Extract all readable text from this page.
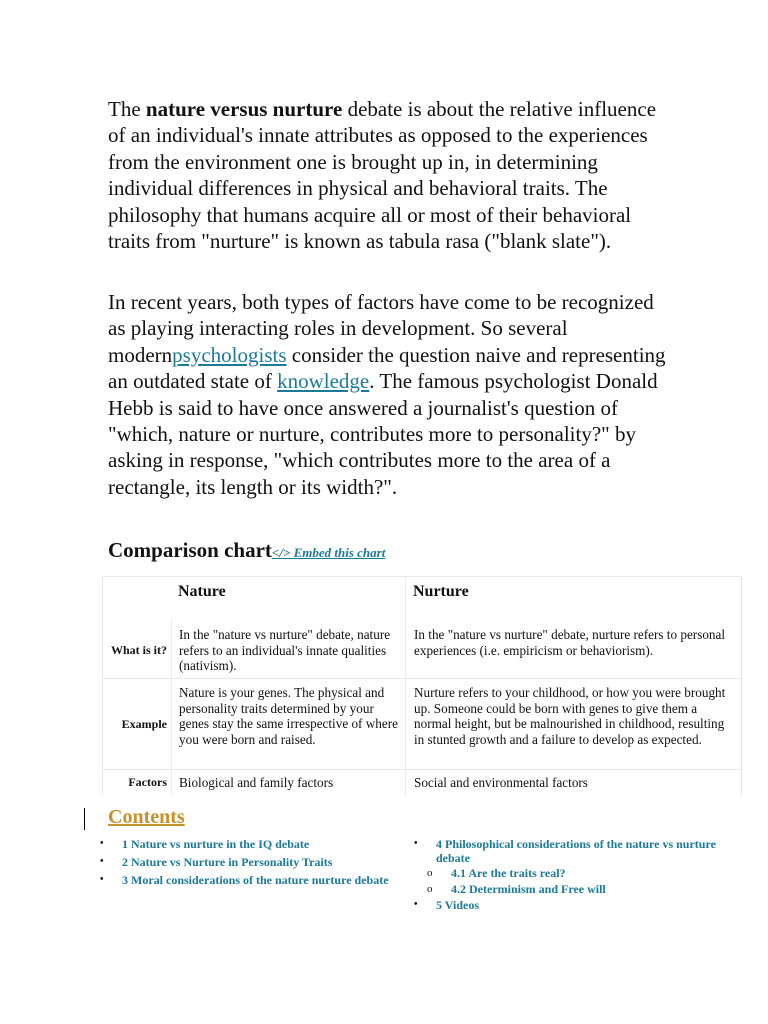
The nature versus nurture debate is about the relative influence of an individual's innate attributes as opposed to the experiences from the environment one is brought up in, in determining individual differences in physical and behavioral traits. The philosophy that humans acquire all or most of their behavioral traits from "nurture" is known as tabula rasa ("blank slate").

In recent years, both types of factors have come to be recognized as playing interacting roles in development. So several modernpsychologists consider the question naive and representing an outdated state of knowledge. The famous psychologist Donald Hebb is said to have once answered a journalist's question of "which, nature or nurture, contributes more to personality?" by asking in response, "which contributes more to the area of a rectangle, its length or its width?".

Comparison chart</> Embed this chart
Nature	Nurture
What is it?
In the "nature vs nurture" debate, nature refers to an individual's innate qualities (nativism).
In the "nature vs nurture" debate, nurture refers to personal experiences (i.e. empiricism or behaviorism).
Example
Nature is your genes. The physical and personality traits determined by your genes stay the same irrespective of where you were born and raised.
Nurture refers to your childhood, or how you were brought up. Someone could be born with genes to give them a normal height, but be malnourished in childhood, resulting in stunted growth and a failure to develop as expected.
Factors Biological and family factors	Social and environmental factors
Contents
• 1 Nature vs nurture in the IQ debate
• 2 Nature vs Nurture in Personality Traits
• 3 Moral considerations of the nature nurture debate
• 4 Philosophical considerations of the nature vs nurture debate
o 4.1 Are the traits real?
o 4.2 Determinism and Free will
• 5 Videos
